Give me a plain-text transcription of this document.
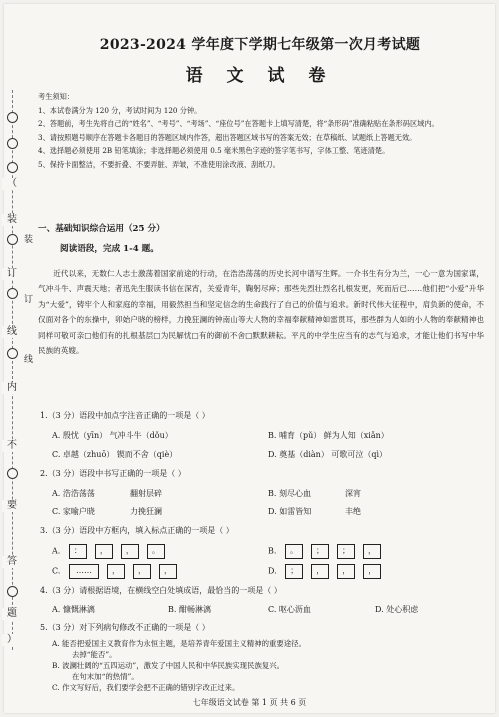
（
装
订
线
内
不
要
答
题
）
装
订
线
2023-2024 学年度下学期七年级第一次月考试题
语 文 试 卷
考生须知：
1、本试卷满分为 120 分，考试时间为 120 分钟。
2、答题前，考生先将自己的“姓名”、“考号”、“考场”、“座位号”在答题卡上填写清楚，将“条形码”准确粘贴在条形码区域内。
3、请按照题号顺序在答题卡各题目的答题区域内作答，超出答题区域书写的答案无效；在草稿纸、试题纸上答题无效。
4、选择题必须使用 2B 铅笔填涂；非选择题必须使用 0.5 毫米黑色字迹的签字笔书写，字体工整、笔迹清楚。
5、保持卡面整洁，不要折叠、不要弄脏、弄皱，不准使用涂改液、刮纸刀。
一、基础知识综合运用（25 分）
阅读语段，完成 1-4 题。
近代以来，无数仁人志士激荡着国家前途的行动，在浩浩荡荡的历史长河中谱写生辉。一介书生有分为兰，一心一意为国家谋，气冲斗牛、声震天地；者迅先生服读书信在深宵，关爱青年，鞠躬尽瘁；那些先烈壮烈名扎根发更，死而后已……他们把“小爱”升华为“大爱”，铸牢个人和家庭的幸福，用毅然担当和坚定信念的生命践行了自己的价值与追求。新时代伟大征程中，肩负新的使命，不仅面对各个的东操中，卯始户晓的榜样，力挽狂澜的钟南山等大人物的幸福奉献精神如雷贯耳，那些群为人如的小人物的奉献精神也同样可敬可亲□他们有的扎根基层□为民解忧□有的御前不舍□默默耕耘。平凡的中学生应当有的志气与追求，才能让他们书写中华民族的英嫂。
1.（3 分）语段中加点字注音正确的一项是（ ）
A. 殷忧（yīn） 气冲斗牛（dǒu）	B. 哺育（pǔ） 鲜为人知（xiǎn）
C. 卓越（zhuō） 锲而不舍（qiè）	D. 奠基（diàn） 可歌可泣（qì）
2.（3 分）语段中书写正确的一项是（ ）
A. 浩浩荡荡	翻射层碎	B. 刻尽心血	深宵
C. 家喻户晓	力挽狂澜	D. 如雷皆知	丰绝
3.（3 分）语段中方框内，填入标点正确的一项是（ ）
A. ： ， ， 。	B. 。 ； ； ，
C. ……	， ， ，	D. ； ， ， ，
4.（3 分）请根据语境，在横线空白处填成语，最恰当的一项是（ ）
A. 慷慨淋漓	B. 酣畅淋漓	C. 呕心沥血	D. 处心积虑
5.（3 分）对下列病句修改不正确的一项是（ ）
A. 能否把爱国主义教育作为永恒主题，是培养青年爱国主义精神的重要途径。
去掉“能否”。
B. 波澜壮阔的“五四运动”，激发了中国人民和中华民族实现民族复兴。
在句末加“的热情”。
C. 作文写好后，我们要学会把不正确的错别字改正过来。
七年级语文试卷 第 1 页 共 6 页
